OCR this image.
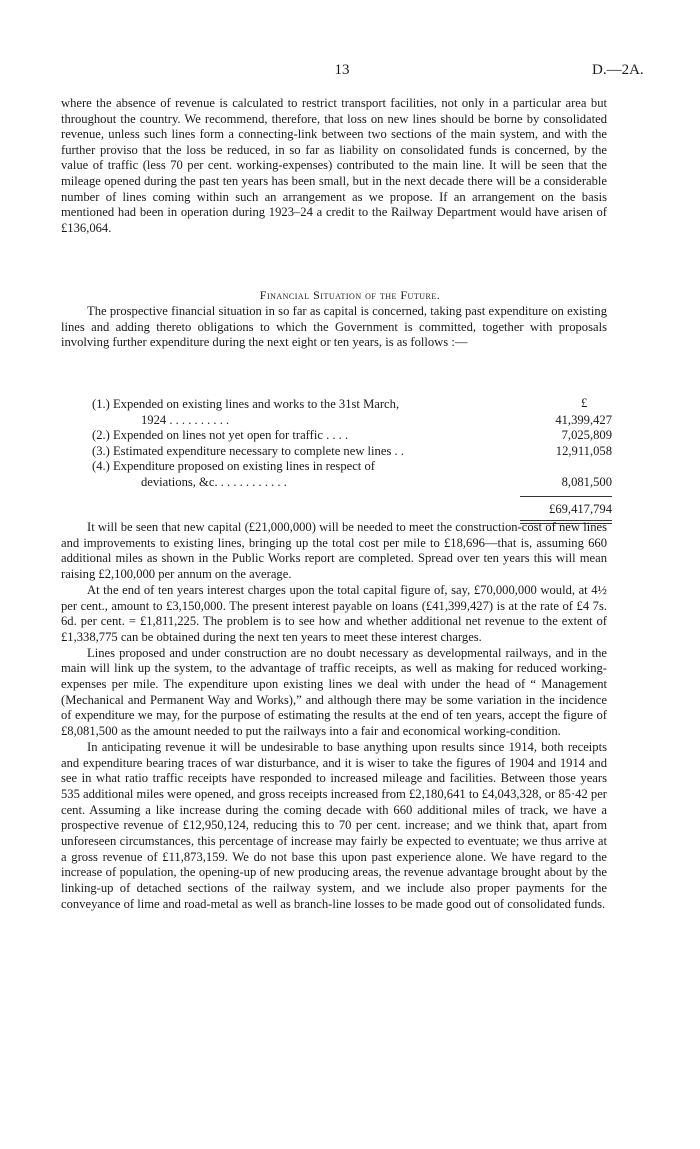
13	D.—2A.

where the absence of revenue is calculated to restrict transport facilities, not only in a particular area but throughout the country. We recommend, therefore, that loss on new lines should be borne by consolidated revenue, unless such lines form a connecting-link between two sections of the main system, and with the further proviso that the loss be reduced, in so far as liability on consolidated funds is concerned, by the value of traffic (less 70 per cent. working-expenses) contributed to the main line. It will be seen that the mileage opened during the past ten years has been small, but in the next decade there will be a considerable number of lines coming within such an arrangement as we propose. If an arrangement on the basis mentioned had been in operation during 1923–24 a credit to the Railway Department would have arisen of £136,064.

Financial Situation of the Future.

The prospective financial situation in so far as capital is concerned, taking past expenditure on existing lines and adding thereto obligations to which the Government is committed, together with proposals involving further expenditure during the next eight or ten years, is as follows :—

(1.) Expended on existing lines and works to the 31st March,	£
1924 . . . . . . . . . .	41,399,427
(2.) Expended on lines not yet open for traffic . . . .	7,025,809
(3.) Estimated expenditure necessary to complete new lines . .	12,911,058
(4.) Expenditure proposed on existing lines in respect of
deviations, &c. . . . . . . . . . . .	8,081,500
£69,417,794

It will be seen that new capital (£21,000,000) will be needed to meet the construction-cost of new lines and improvements to existing lines, bringing up the total cost per mile to £18,696—that is, assuming 660 additional miles as shown in the Public Works report are completed. Spread over ten years this will mean raising £2,100,000 per annum on the average.

At the end of ten years interest charges upon the total capital figure of, say, £70,000,000 would, at 4½ per cent., amount to £3,150,000. The present interest payable on loans (£41,399,427) is at the rate of £4 7s. 6d. per cent. = £1,811,225. The problem is to see how and whether additional net revenue to the extent of £1,338,775 can be obtained during the next ten years to meet these interest charges.

Lines proposed and under construction are no doubt necessary as developmental railways, and in the main will link up the system, to the advantage of traffic receipts, as well as making for reduced working-expenses per mile. The expenditure upon existing lines we deal with under the head of “ Management (Mechanical and Permanent Way and Works),” and although there may be some variation in the incidence of expenditure we may, for the purpose of estimating the results at the end of ten years, accept the figure of £8,081,500 as the amount needed to put the railways into a fair and economical working-condition.

In anticipating revenue it will be undesirable to base anything upon results since 1914, both receipts and expenditure bearing traces of war disturbance, and it is wiser to take the figures of 1904 and 1914 and see in what ratio traffic receipts have responded to increased mileage and facilities. Between those years 535 additional miles were opened, and gross receipts increased from £2,180,641 to £4,043,328, or 85·42 per cent. Assuming a like increase during the coming decade with 660 additional miles of track, we have a prospective revenue of £12,950,124, reducing this to 70 per cent. increase; and we think that, apart from unforeseen circumstances, this percentage of increase may fairly be expected to eventuate; we thus arrive at a gross revenue of £11,873,159. We do not base this upon past experience alone. We have regard to the increase of population, the opening-up of new producing areas, the revenue advantage brought about by the linking-up of detached sections of the railway system, and we include also proper payments for the conveyance of lime and road-metal as well as branch-line losses to be made good out of consolidated funds.
